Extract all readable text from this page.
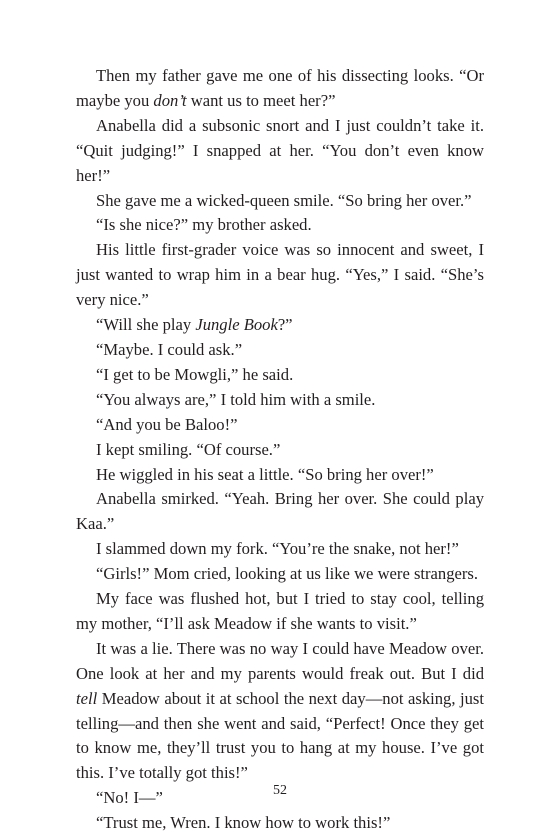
Then my father gave me one of his dissecting looks. “Or maybe you don’t want us to meet her?”

Anabella did a subsonic snort and I just couldn’t take it. “Quit judging!” I snapped at her. “You don’t even know her!”

She gave me a wicked-queen smile. “So bring her over.”

“Is she nice?” my brother asked.

His little first-grader voice was so innocent and sweet, I just wanted to wrap him in a bear hug. “Yes,” I said. “She’s very nice.”

“Will she play Jungle Book?”

“Maybe. I could ask.”

“I get to be Mowgli,” he said.

“You always are,” I told him with a smile.

“And you be Baloo!”

I kept smiling. “Of course.”

He wiggled in his seat a little. “So bring her over!”

Anabella smirked. “Yeah. Bring her over. She could play Kaa.”

I slammed down my fork. “You’re the snake, not her!”

“Girls!” Mom cried, looking at us like we were strangers.

My face was flushed hot, but I tried to stay cool, telling my mother, “I’ll ask Meadow if she wants to visit.”

It was a lie. There was no way I could have Meadow over. One look at her and my parents would freak out. But I did tell Meadow about it at school the next day—not asking, just telling—and then she went and said, “Perfect! Once they get to know me, they’ll trust you to hang at my house. I’ve got this. I’ve totally got this!”

“No! I—”

“Trust me, Wren. I know how to work this!”

52
